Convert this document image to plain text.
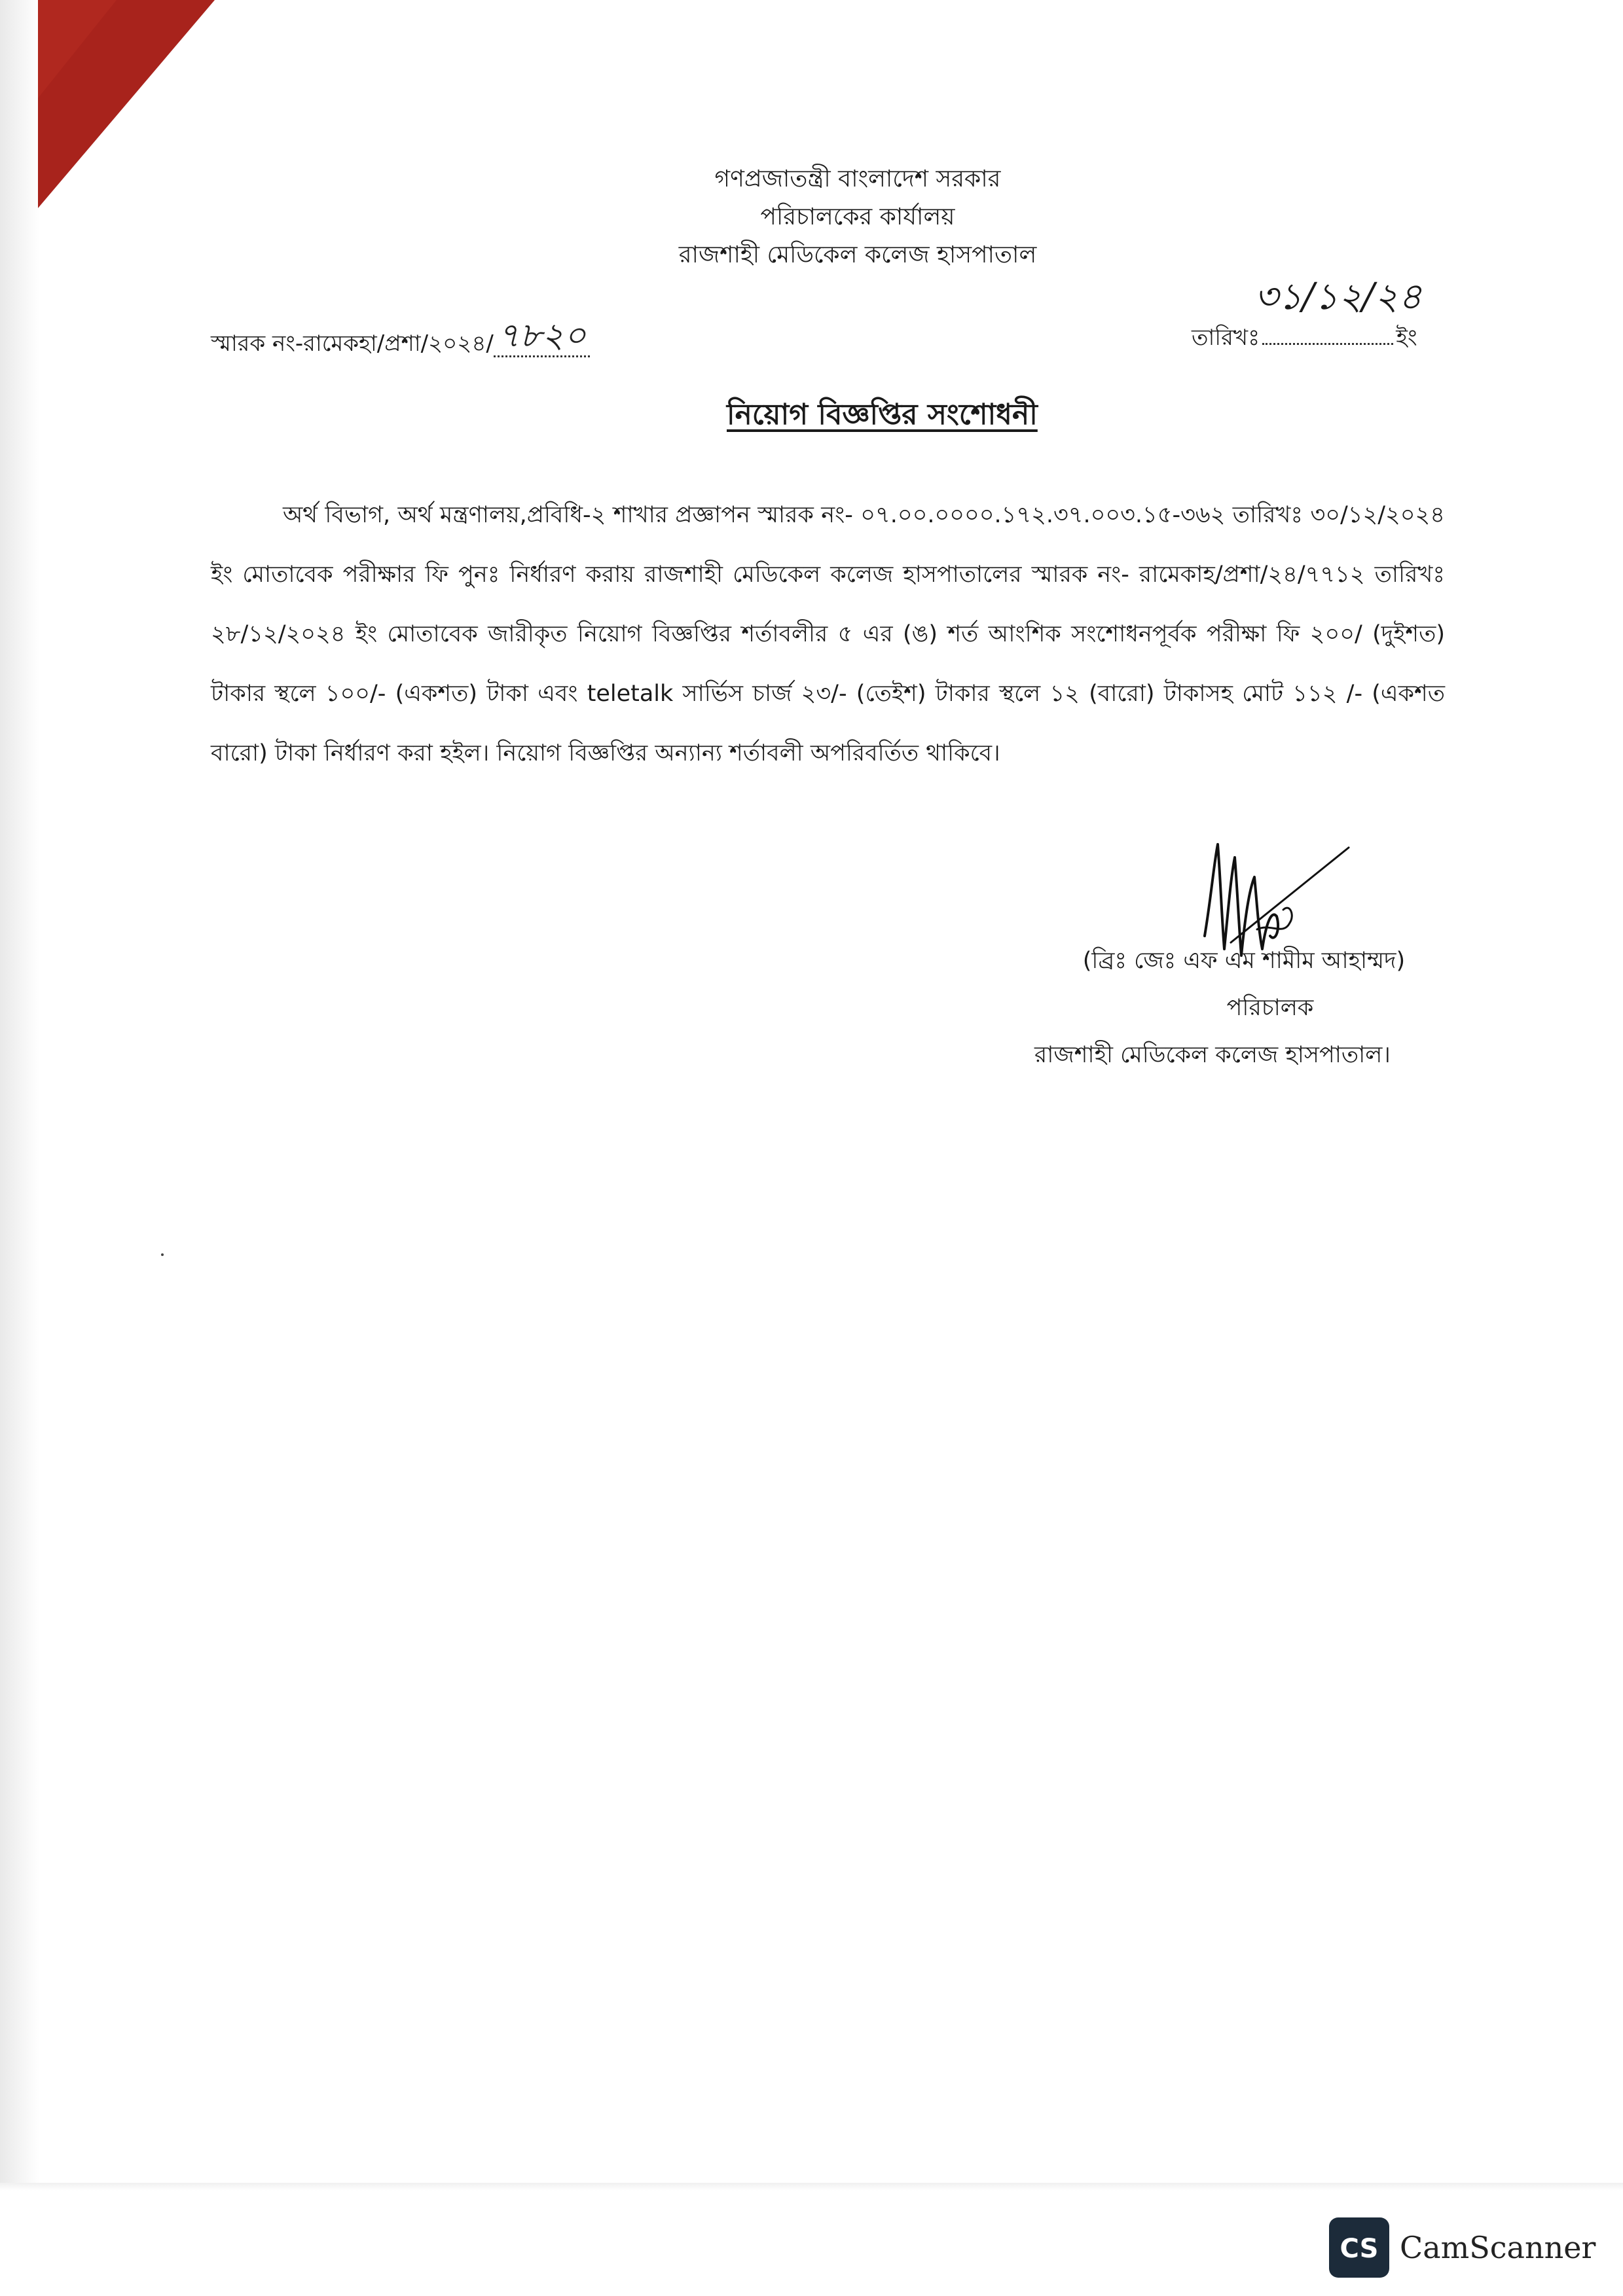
গণপ্রজাতন্ত্রী বাংলাদেশ সরকার
পরিচালকের কার্যালয়
রাজশাহী মেডিকেল কলেজ হাসপাতাল
স্মারক নং-রামেকহা/প্রশা/২০২৪/ ৭৮২০
৩১/১২/২৪
তারিখঃ	ইং
নিয়োগ বিজ্ঞপ্তির সংশোধনী
অর্থ বিভাগ, অর্থ মন্ত্রণালয়,প্রবিধি-২ শাখার প্রজ্ঞাপন স্মারক নং- ০৭.০০.০০০০.১৭২.৩৭.০০৩.১৫-৩৬২ তারিখঃ ৩০/১২/২০২৪ ইং মোতাবেক পরীক্ষার ফি পুনঃ নির্ধারণ করায় রাজশাহী মেডিকেল কলেজ হাসপাতালের স্মারক নং- রামেকাহ/প্রশা/২৪/৭৭১২ তারিখঃ ২৮/১২/২০২৪ ইং মোতাবেক জারীকৃত নিয়োগ বিজ্ঞপ্তির শর্তাবলীর ৫ এর (ঙ) শর্ত আংশিক সংশোধনপূর্বক পরীক্ষা ফি ২০০/ (দুইশত) টাকার স্থলে ১০০/- (একশত) টাকা এবং teletalk সার্ভিস চার্জ ২৩/- (তেইশ) টাকার স্থলে ১২ (বারো) টাকাসহ মোট ১১২ /- (একশত বারো) টাকা নির্ধারণ করা হইল। নিয়োগ বিজ্ঞপ্তির অন্যান্য শর্তাবলী অপরিবর্তিত থাকিবে।
(ব্রিঃ জেঃ এফ এম শামীম আহাম্মদ)
পরিচালক
রাজশাহী মেডিকেল কলেজ হাসপাতাল।
CS CamScanner
